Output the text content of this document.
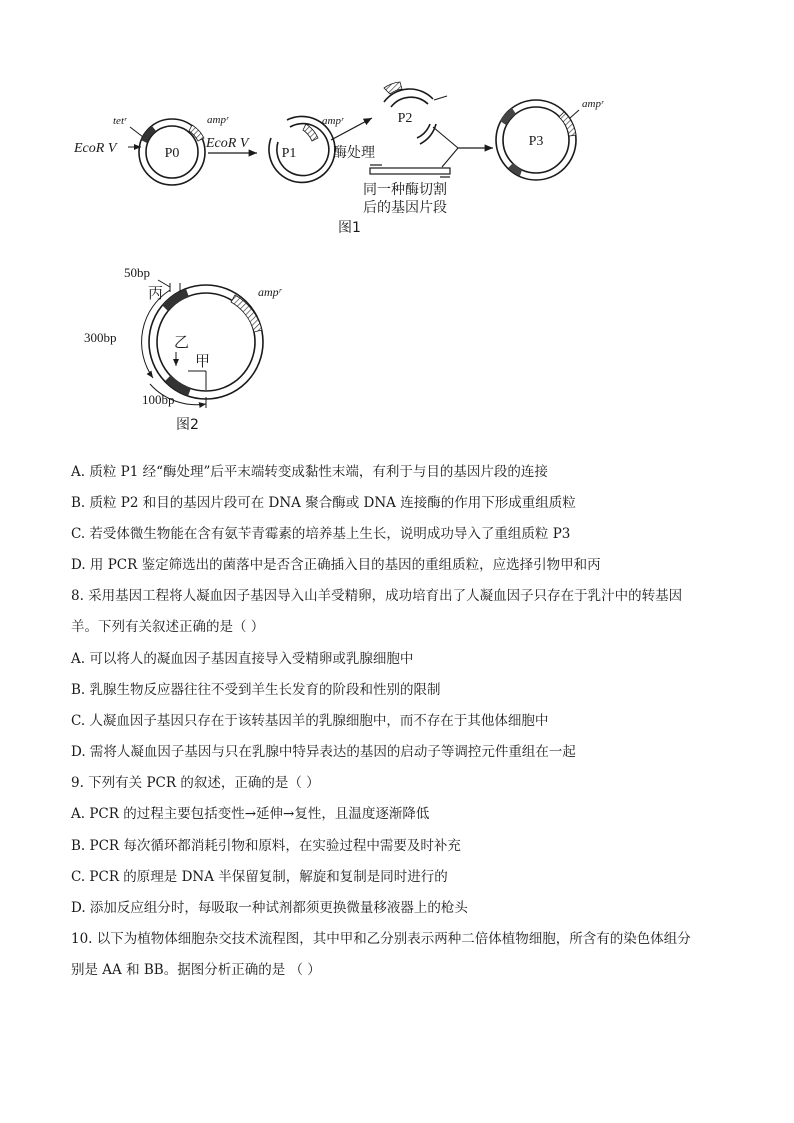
P0
tetʳ
EcoR V
ampʳ
EcoR V
P1
ampʳ
酶处理
P2
同一种酶切割
后的基因片段
P3
ampʳ
图1
ampʳ
50bp
300bp
100bp
丙
乙
甲
图2
A. 质粒 P1 经“酶处理”后平末端转变成黏性末端，有利于与目的基因片段的连接
B. 质粒 P2 和目的基因片段可在 DNA 聚合酶或 DNA 连接酶的作用下形成重组质粒
C. 若受体微生物能在含有氨苄青霉素的培养基上生长，说明成功导入了重组质粒 P3
D. 用 PCR 鉴定筛选出的菌落中是否含正确插入目的基因的重组质粒，应选择引物甲和丙
8. 采用基因工程将人凝血因子基因导入山羊受精卵，成功培育出了人凝血因子只存在于乳汁中的转基因
羊。下列有关叙述正确的是（ ）
A. 可以将人的凝血因子基因直接导入受精卵或乳腺细胞中
B. 乳腺生物反应器往往不受到羊生长发育的阶段和性别的限制
C. 人凝血因子基因只存在于该转基因羊的乳腺细胞中，而不存在于其他体细胞中
D. 需将人凝血因子基因与只在乳腺中特异表达的基因的启动子等调控元件重组在一起
9. 下列有关 PCR 的叙述，正确的是（ ）
A. PCR 的过程主要包括变性→延伸→复性，且温度逐渐降低
B. PCR 每次循环都消耗引物和原料，在实验过程中需要及时补充
C. PCR 的原理是 DNA 半保留复制，解旋和复制是同时进行的
D. 添加反应组分时，每吸取一种试剂都须更换微量移液器上的枪头
10. 以下为植物体细胞杂交技术流程图，其中甲和乙分别表示两种二倍体植物细胞，所含有的染色体组分
别是 AA 和 BB。据图分析正确的是 （ ）
